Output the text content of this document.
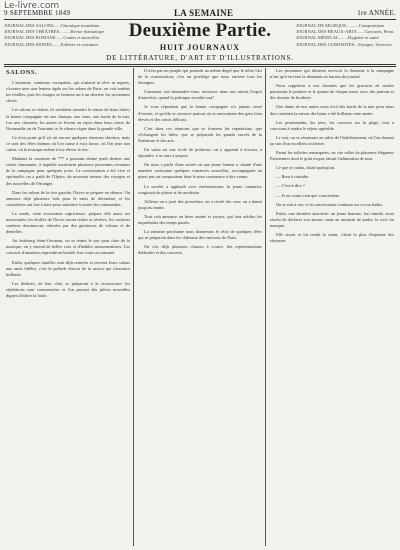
Le-livre.com
9 SEPTEMBRE 1849	LA SEMAINE	1re ANNÉE.
JOURNAL DES SALONS......Chronique mondaine,
JOURNAL DES THÉÂTRES..........Revue dramatique
JOURNAL DES ROMANS.......Contes et nouvelles
JOURNAL DES MODES.......Toilettes et costumes
JOURNAL DE MUSIQUE...........Compositions
JOURNAL DES BEAUX-ARTS.......Gravures, Peint.
JOURNAL MÉDICAL........Hygiène et santé
JOURNAL DES CURIOSITÉS...Voyages, Sciences
Deuxième Partie.
HUIT JOURNAUX
DE LITTÉRATURE, D'ART ET D'ILLUSTRATIONS.
SALONS.

L'automne, vaniteuse corruption, qui n'attend ni rêve ni regrets, s'avance avec une lenteur égale sur les salons de Paris; on voit tomber les feuilles, puis les visages se ferment un à un derrière les persiennes closes.

Les salons se vident, ils semblent attendre le retour de leurs hôtes; la bonne compagnie est aux champs, aux eaux, aux bords de la mer. Les uns chassent, les autres se livrent au repos dans leurs terres de Normandie ou de Touraine, et le silence règne dans la grande ville.

Ce n'est point qu'il n'y ait encore quelques réunions choisies; mais ce sont des fêtes intimes où l'on cause à voix basse, où l'on joue aux cartes, où la musique même n'ose élever le ton.

Madame la comtesse de *** a pourtant donné jeudi dernier une soirée charmante, à laquelle assistaient plusieurs personnes revenues de la campagne pour quelques jours. La conversation a été vive et spirituelle; on a parlé de l'Opéra, du nouveau roman, des voyages et des nouvelles de l'étranger.

Dans les salons de la rive gauche, l'hiver se prépare en silence. On annonce déjà plusieurs bals pour le mois de décembre, et les couturières ont fort à faire pour satisfaire à toutes les commandes.

La mode, cette souveraine capricieuse, prépare elle aussi ses nouveautés; les étoffes de l'hiver seront riches et sévères, les couleurs sombres domineront, relevées par des garnitures de velours et de dentelles.

Au faubourg Saint-Germain, on se réunit le soir pour faire de la musique; on y entend de belles voix et d'habiles instrumentistes. Les concerts d'amateurs reprendront bientôt leur cours accoutumé.

Enfin, quelques familles sont déjà rentrées et ouvrent leurs salons aux amis fidèles; c'est le prélude discret de la saison qui s'annonce brillante.

Les théâtres, de leur côté, se préparent à la réouverture; les répétitions sont commencées et l'on promet des pièces nouvelles dignes d'attirer la foule.

Il n'est pas un peuple qui possède au même degré que le nôtre l'art de la conversation; c'est un privilège que nous envient tous les étrangers.

Comment, me demandez-vous, retrouver dans nos salons l'esprit d'autrefois, quand la politique envahit tout?

Je vous répondrai que la bonne compagnie n'a jamais cessé d'exister, et qu'elle se retrouve partout où se rencontrent des gens bien élevés et des cœurs délicats.

C'est dans ces réunions que se forment les réputations, que s'échangent les idées, que se préparent les grands succès de la littérature et des arts.

Un salon est une école de politesse; on y apprend à écouter, à répondre, à se taire à propos.

On nous a parlé d'une soirée où une jeune femme a chanté d'une manière ravissante quelques romances nouvelles, accompagnée au piano par un compositeur dont le nom commence à être connu.

La société a applaudi avec enthousiasme; la jeune cantatrice rougissait de plaisir et de modestie.

Ailleurs on a joué des proverbes; on a récité des vers; on a dansé jusqu'au matin.

Tout cela annonce un hiver animé et joyeux, qui fera oublier les inquiétudes des temps passés.

La semaine prochaine nous donnerons le récit de quelques fêtes qui se préparent dans les châteaux des environs de Paris.

On cite déjà plusieurs chasses à courre, des représentations théâtrales et des concerts.

Les personnes qui désirent recevoir la Semaine à la campagne n'ont qu'à en faire la demande au bureau du journal.

Nous rappelons à nos abonnés que les gravures de modes paraissent le premier et le quinze de chaque mois, avec des patrons et des dessins de broderie.

Une dame de nos amies nous écrit des bords de la mer pour nous dire combien la saison des bains a été brillante cette année.

Les promenades, les jeux, les concerts sur la plage, tout a concouru à rendre le séjour agréable.

Le soir, on se réunissait au salon de l'établissement, où l'on dansait au son d'un excellent orchestre.

Parmi les toilettes remarquées, on cite celles de plusieurs élégantes Parisiennes dont le goût exquis faisait l'admiration de tous.

Ce que je crains, disait quelqu'un,

— Rien à craindre.

— C'est-à-dire ?

— Je ne crains rien que vous-même.

On se mit à rire, et la conversation continua sur ce ton badin.

Enfin, une dernière anecdote: un jeune homme, fort timide, avait résolu de déclarer son amour; mais au moment de parler, la voix lui manqua.

Elle sourit et lui tendit la main; c'était la plus éloquente des réponses.
